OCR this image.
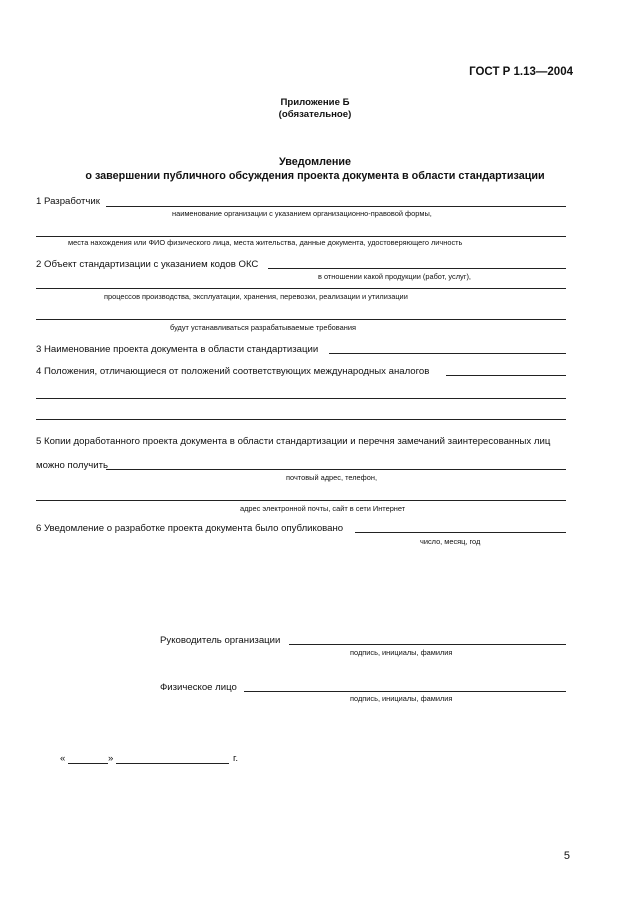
ГОСТ Р 1.13—2004
Приложение Б
(обязательное)
Уведомление
о завершении публичного обсуждения проекта документа в области стандартизации
1 Разработчик
наименование организации с указанием организационно-правовой формы,
места нахождения или ФИО физического лица, места жительства, данные документа, удостоверяющего личность
2 Объект стандартизации с указанием кодов ОКС
в отношении какой продукции (работ, услуг),
процессов производства, эксплуатации, хранения, перевозки, реализации и утилизации
будут устанавливаться разрабатываемые требования
3 Наименование проекта документа в области стандартизации
4 Положения, отличающиеся от положений соответствующих международных аналогов
5 Копии доработанного проекта документа в области стандартизации и перечня замечаний заинтересованных лиц
можно получить
почтовый адрес, телефон,
адрес электронной почты, сайт в сети Интернет
6 Уведомление о разработке проекта документа было опубликовано
число, месяц, год
Руководитель организации
подпись, инициалы, фамилия
Физическое лицо
подпись, инициалы, фамилия
«	»	г.
5
